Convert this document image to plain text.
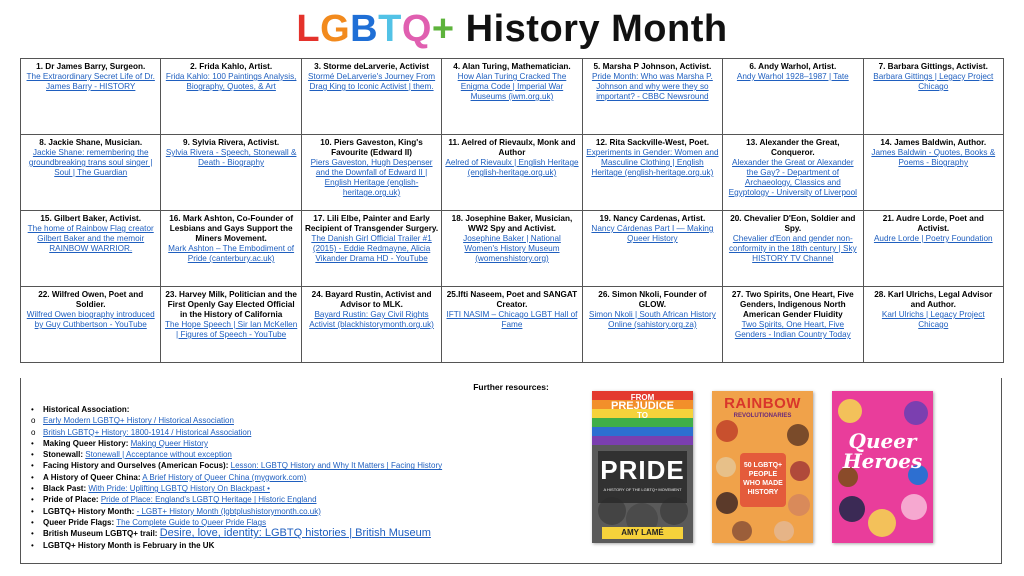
LGBTQ+ History Month
1. Dr James Barry, Surgeon.
The Extraordinary Secret Life of Dr. James Barry - HISTORY	2. Frida Kahlo, Artist.
Frida Kahlo: 100 Paintings Analysis, Biography, Quotes, & Art	3. Storme deLarverie, Activist
Stormé DeLarverie's Journey From Drag King to Iconic Activist | them.	4. Alan Turing, Mathematician.
How Alan Turing Cracked The Enigma Code | Imperial War Museums (iwm.org.uk)	5. Marsha P Johnson, Activist.
Pride Month: Who was Marsha P. Johnson and why were they so important? - CBBC Newsround	6. Andy Warhol, Artist.
Andy Warhol 1928–1987 | Tate	7. Barbara Gittings, Activist.
Barbara Gittings | Legacy Project Chicago

8. Jackie Shane, Musician.
Jackie Shane: remembering the groundbreaking trans soul singer | Soul | The Guardian	9. Sylvia Rivera, Activist.
Sylvia Rivera - Speech, Stonewall & Death - Biography	10. Piers Gaveston, King's Favourite (Edward II)
Piers Gaveston, Hugh Despenser and the Downfall of Edward II | English Heritage (english-heritage.org.uk)	11. Aelred of Rievaulx, Monk and Author
Aelred of Rievaulx | English Heritage (english-heritage.org.uk)	12. Rita Sackville-West, Poet.
Experiments in Gender: Women and Masculine Clothing | English Heritage (english-heritage.org.uk)	13. Alexander the Great, Conqueror.
Alexander the Great or Alexander the Gay? - Department of Archaeology, Classics and Egyptology - University of Liverpool	14. James Baldwin, Author.
James Baldwin - Quotes, Books & Poems - Biography

15. Gilbert Baker, Activist.
The home of Rainbow Flag creator Gilbert Baker and the memoir RAINBOW WARRIOR.	16. Mark Ashton, Co-Founder of Lesbians and Gays Support the Miners Movement.
Mark Ashton – The Embodiment of Pride (canterbury.ac.uk)	17. Lili Elbe, Painter and Early Recipient of Transgender Surgery.
The Danish Girl Official Trailer #1 (2015) - Eddie Redmayne, Alicia Vikander Drama HD - YouTube	18. Josephine Baker, Musician, WW2 Spy and Activist.
Josephine Baker | National Women's History Museum (womenshistory.org)	19. Nancy Cardenas, Artist.
Nancy Cárdenas Part I — Making Queer History	20. Chevalier D'Eon, Soldier and Spy.
Chevalier d'Eon and gender non-conformity in the 18th century | Sky HISTORY TV Channel	21. Audre Lorde, Poet and Activist.
Audre Lorde | Poetry Foundation

22. Wilfred Owen, Poet and Soldier.
Wilfred Owen biography introduced by Guy Cuthbertson - YouTube	23. Harvey Milk, Politician and the First Openly Gay Elected Official in the History of California
The Hope Speech | Sir Ian McKellen | Figures of Speech - YouTube	24. Bayard Rustin, Activist and Advisor to MLK.
Bayard Rustin: Gay Civil Rights Activist (blackhistorymonth.org.uk)	25.Ifti Naseem, Poet and SANGAT Creator.
IFTI NASIM – Chicago LGBT Hall of Fame	26. Simon Nkoli, Founder of GLOW.
Simon Nkoli | South African History Online (sahistory.org.za)	27. Two Spirits, One Heart, Five Genders, Indigenous North American Gender Fluidity
Two Spirits, One Heart, Five Genders - Indian Country Today	28. Karl Ulrichs, Legal Advisor and Author.
Karl Ulrichs | Legacy Project Chicago
Further resources:
• Historical Association:
o Early Modern LGBTQ+ History / Historical Association
o British LGBTQ+ History: 1800-1914 / Historical Association
• Making Queer History: Making Queer History
• Stonewall: Stonewall | Acceptance without exception
• Facing History and Ourselves (American Focus): Lesson: LGBTQ History and Why It Matters | Facing History
• A History of Queer China: A Brief History of Queer China (mygwork.com)
• Black Past: With Pride: Uplifting LGBTQ History On Blackpast •
• Pride of Place: Pride of Place: England's LGBTQ Heritage | Historic England
• LGBTQ+ History Month: - LGBT+ History Month (lgbtplushistorymonth.co.uk)
• Queer Pride Flags: The Complete Guide to Queer Pride Flags
• British Museum LGBTQ+ trail: Desire, love, identity: LGBTQ histories | British Museum
• LGBTQ+ History Month is February in the UK
FROM
PREJUDICE
TO
PRIDE
A HISTORY OF THE LGBTQ+ MOVEMENT
AMY LAMÉ
RAINBOW
REVOLUTIONARIES
50 LGBTQ+ PEOPLE WHO MADE HISTORY
Queer
Heroes
